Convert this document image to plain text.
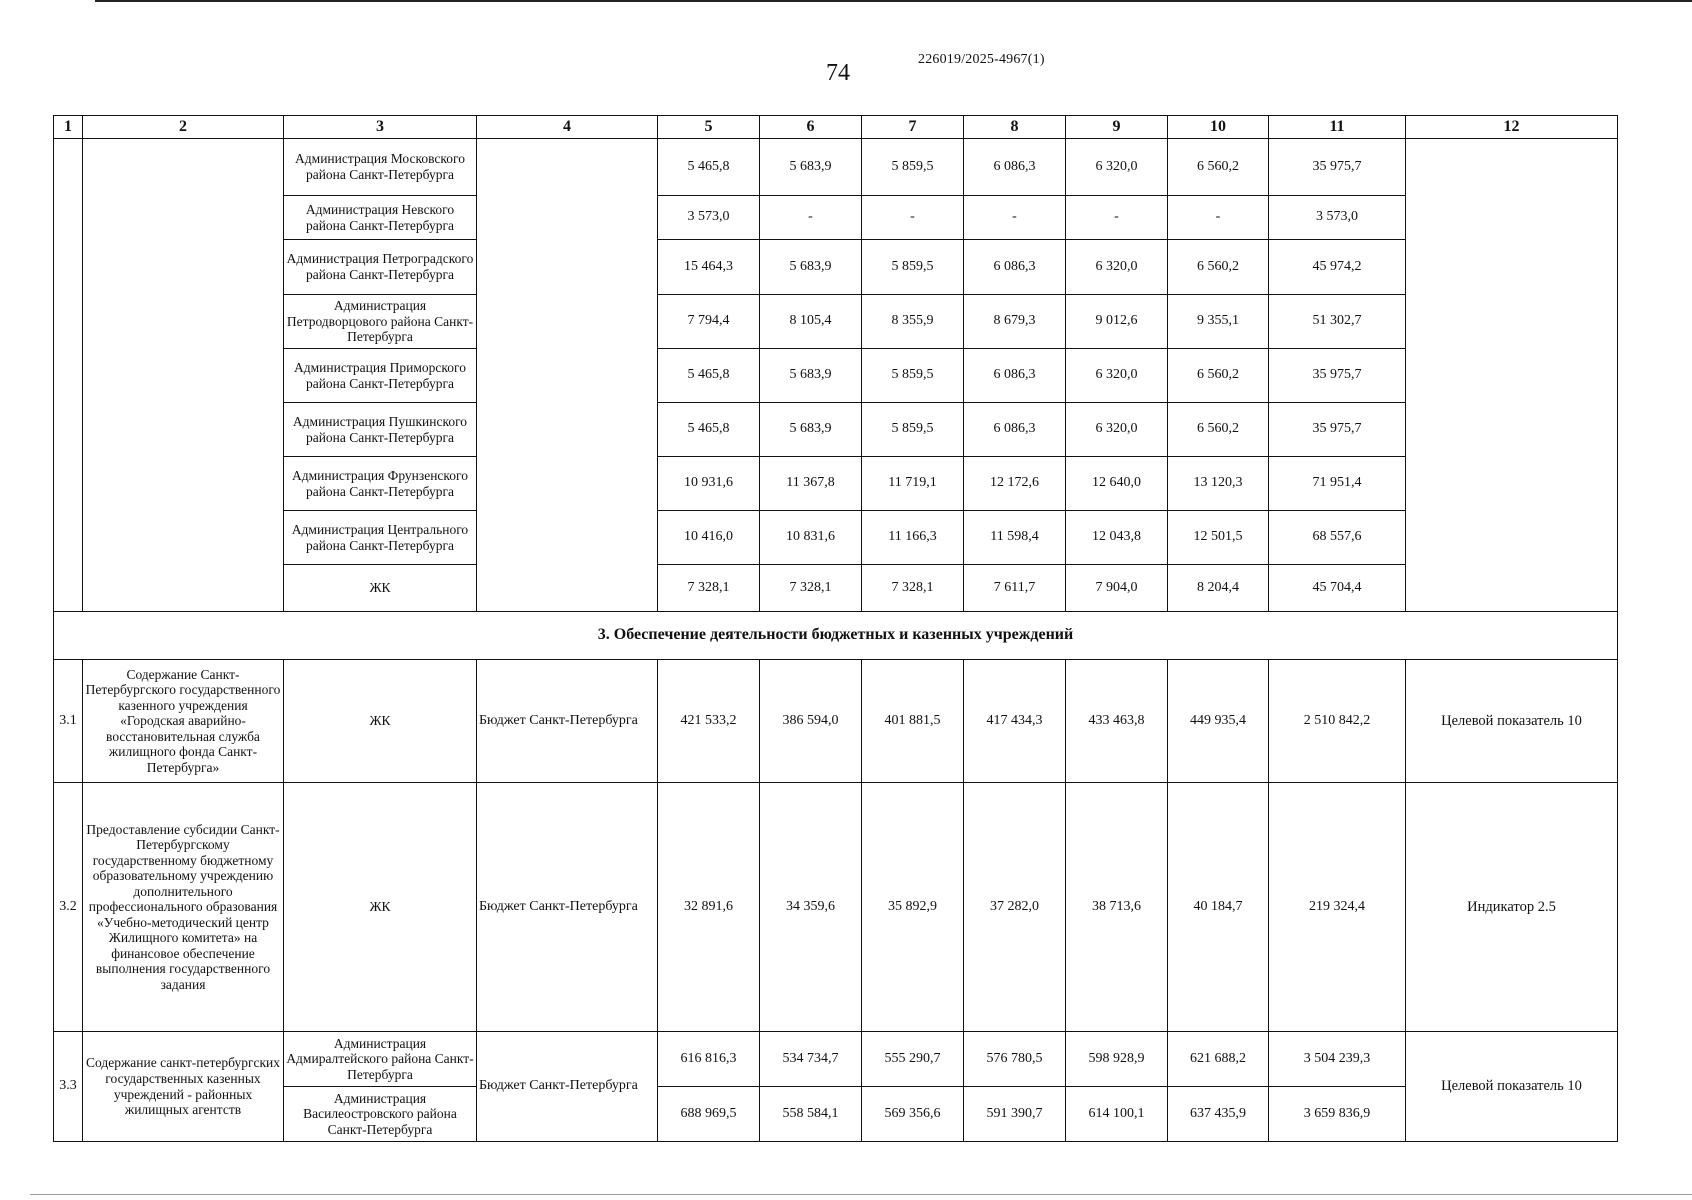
74
226019/2025-4967(1)
1	2	3	4	5	6	7	8	9	10	11	12
		Администрация Московского района Санкт-Петербурга		5 465,8	5 683,9	5 859,5	6 086,3	6 320,0	6 560,2	35 975,7	
		Администрация Невского района Санкт-Петербурга		3 573,0	-	-	-	-	-	3 573,0	
		Администрация Петроградского района Санкт-Петербурга		15 464,3	5 683,9	5 859,5	6 086,3	6 320,0	6 560,2	45 974,2	
		Администрация Петродворцового района Санкт-Петербурга		7 794,4	8 105,4	8 355,9	8 679,3	9 012,6	9 355,1	51 302,7	
		Администрация Приморского района Санкт-Петербурга		5 465,8	5 683,9	5 859,5	6 086,3	6 320,0	6 560,2	35 975,7	
		Администрация Пушкинского района Санкт-Петербурга		5 465,8	5 683,9	5 859,5	6 086,3	6 320,0	6 560,2	35 975,7	
		Администрация Фрунзенского района Санкт-Петербурга		10 931,6	11 367,8	11 719,1	12 172,6	12 640,0	13 120,3	71 951,4	
		Администрация Центрального района Санкт-Петербурга		10 416,0	10 831,6	11 166,3	11 598,4	12 043,8	12 501,5	68 557,6	
		ЖК		7 328,1	7 328,1	7 328,1	7 611,7	7 904,0	8 204,4	45 704,4	
3. Обеспечение деятельности бюджетных и казенных учреждений											
3.1	Содержание Санкт-Петербургского государственного казенного учреждения «Городская аварийно-восстановительная служба жилищного фонда Санкт-Петербурга»	ЖК	Бюджет Санкт-Петербурга	421 533,2	386 594,0	401 881,5	417 434,3	433 463,8	449 935,4	2 510 842,2	Целевой показатель 10
3.2	Предоставление субсидии Санкт-Петербургскому государственному бюджетному образовательному учреждению дополнительного профессионального образования «Учебно-методический центр Жилищного комитета» на финансовое обеспечение выполнения государственного задания	ЖК	Бюджет Санкт-Петербурга	32 891,6	34 359,6	35 892,9	37 282,0	38 713,6	40 184,7	219 324,4	Индикатор 2.5
3.3	Содержание санкт-петербургских государственных казенных учреждений - районных жилищных агентств	Администрация Адмиралтейского района Санкт-Петербурга	Бюджет Санкт-Петербурга	616 816,3	534 734,7	555 290,7	576 780,5	598 928,9	621 688,2	3 504 239,3	Целевой показатель 10
		Администрация Василеостровского района Санкт-Петербурга		688 969,5	558 584,1	569 356,6	591 390,7	614 100,1	637 435,9	3 659 836,9	
